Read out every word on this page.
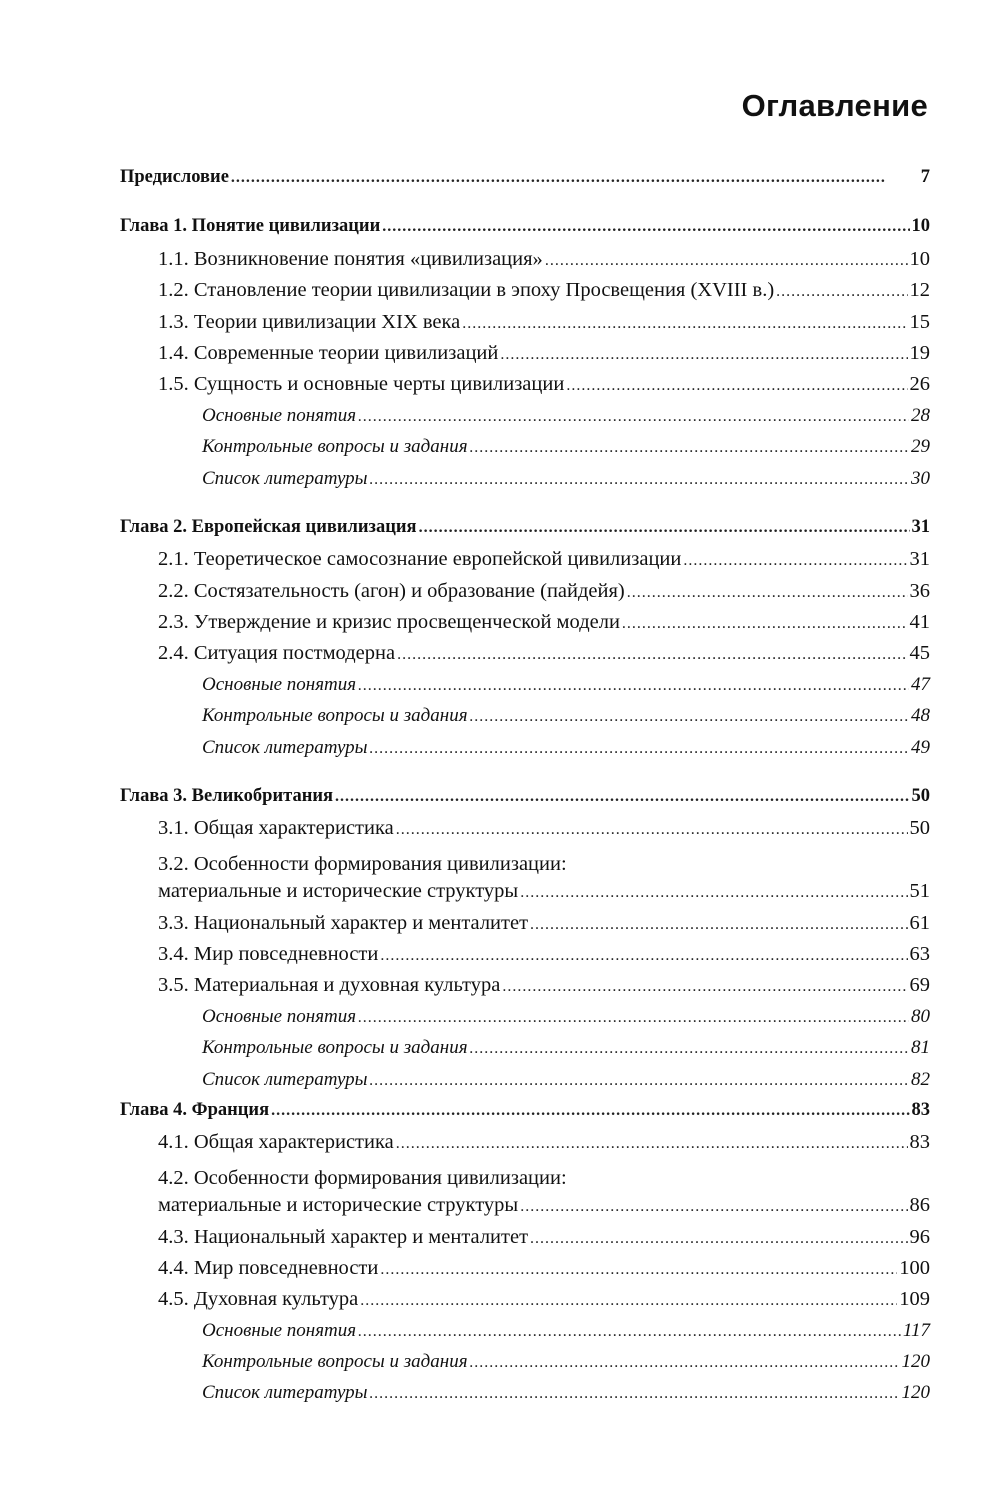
Оглавление
Предисловие . . .	7
Глава 1. Понятие цивилизации . . .	10
1.1. Возникновение понятия «цивилизация» . . .	10
1.2. Становление теории цивилизации в эпоху Просвещения (XVIII в.) . . .	12
1.3. Теории цивилизации XIX века . . .	15
1.4. Современные теории цивилизаций . . .	19
1.5. Сущность и основные черты цивилизации . . .	26
Основные понятия . . .	28
Контрольные вопросы и задания . . .	29
Список литературы . . .	30
Глава 2. Европейская цивилизация . . .	31
2.1. Теоретическое самосознание европейской цивилизации . . .	31
2.2. Состязательность (агон) и образование (пайдейя) . . .	36
2.3. Утверждение и кризис просвещенческой модели . . .	41
2.4. Ситуация постмодерна . . .	45
Основные понятия . . .	47
Контрольные вопросы и задания . . .	48
Список литературы . . .	49
Глава 3. Великобритания . . .	50
3.1. Общая характеристика . . .	50
3.2. Особенности формирования цивилизации:
материальные и исторические структуры . . .	51
3.3. Национальный характер и менталитет . . .	61
3.4. Мир повседневности . . .	63
3.5. Материальная и духовная культура . . .	69
Основные понятия . . .	80
Контрольные вопросы и задания . . .	81
Список литературы . . .	82
Глава 4. Франция . . .	83
4.1. Общая характеристика . . .	83
4.2. Особенности формирования цивилизации:
материальные и исторические структуры . . .	86
4.3. Национальный характер и менталитет . . .	96
4.4. Мир повседневности . . .	100
4.5. Духовная культура . . .	109
Основные понятия . . .	117
Контрольные вопросы и задания . . .	120
Список литературы . . .	120
